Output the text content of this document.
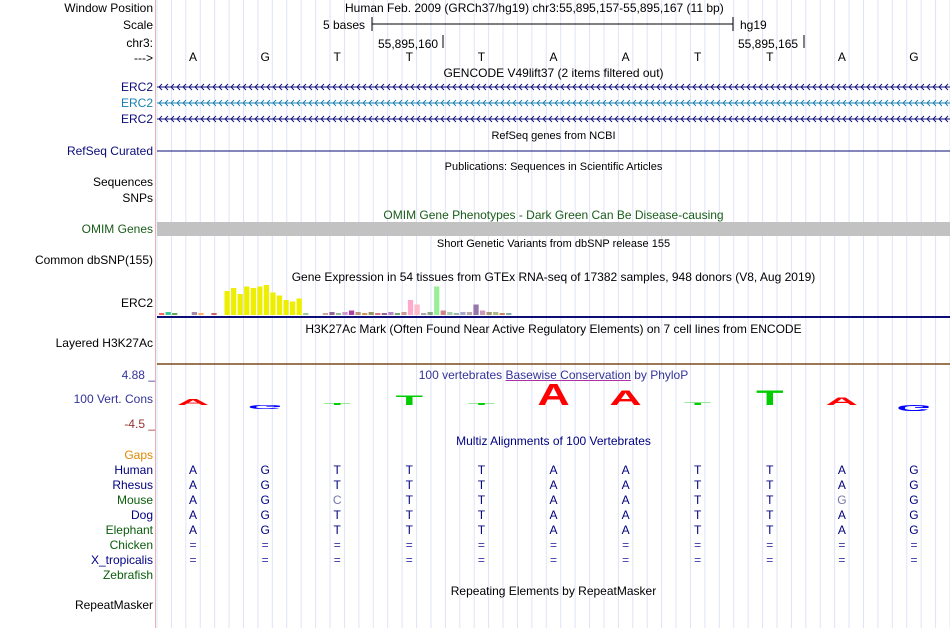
A
G T T T A A T T A
G
Window Position	Human Feb. 2009 (GRCh37/hg19) chr3:55,895,157-55,895,167 (11 bp)
Scale	5 bases	hg19
chr3:	55,895,160	55,895,165
--->	A	G	T	T	T	A	A	T	T	A	G
GENCODE V49lift37 (2 items filtered out)
ERC2
ERC2
ERC2
RefSeq genes from NCBI
RefSeq Curated
Publications: Sequences in Scientific Articles
Sequences
SNPs
OMIM Gene Phenotypes - Dark Green Can Be Disease-causing
OMIM Genes
Short Genetic Variants from dbSNP release 155
Common dbSNP(155)
Gene Expression in 54 tissues from GTEx RNA-seq of 17382 samples, 948 donors (V8, Aug 2019)
ERC2
H3K27Ac Mark (Often Found Near Active Regulatory Elements) on 7 cell lines from ENCODE
Layered H3K27Ac
100 vertebrates Basewise Conservation by PhyloP
4.88 _
100 Vert. Cons
-4.5 _
Multiz Alignments of 100 Vertebrates
Gaps
Human	A	G	T	T	T	A	A	T	T	A	G
Rhesus	A	G	T	T	T	A	A	T	T	A	G
Mouse	A	G	C	T	T	A	A	T	T	G	G
Dog	A	G	T	T	T	A	A	T	T	A	G
Elephant	A	G	T	T	T	A	A	T	T	A	G
Chicken	=	=	=	=	=	=	=	=	=	=	=
X_tropicalis	=	=	=	=	=	=	=	=	=	=	=
Zebrafish
Repeating Elements by RepeatMasker
RepeatMasker
